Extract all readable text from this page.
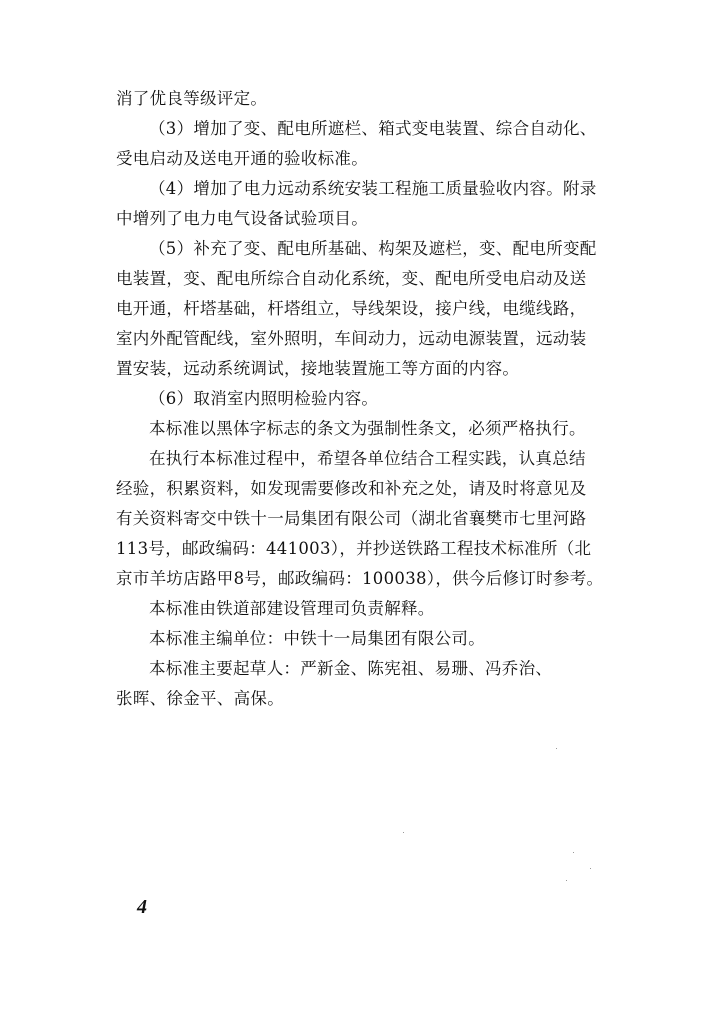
消了优良等级评定。
（3）增加了变、配电所遮栏、箱式变电装置、综合自动化、
受电启动及送电开通的验收标准。
（4）增加了电力远动系统安装工程施工质量验收内容。附录
中增列了电力电气设备试验项目。
（5）补充了变、配电所基础、构架及遮栏，变、配电所变配
电装置，变、配电所综合自动化系统，变、配电所受电启动及送
电开通，杆塔基础，杆塔组立，导线架设，接户线，电缆线路，
室内外配管配线，室外照明，车间动力，远动电源装置，远动装
置安装，远动系统调试，接地装置施工等方面的内容。
（6）取消室内照明检验内容。
本标准以黑体字标志的条文为强制性条文，必须严格执行。
在执行本标准过程中，希望各单位结合工程实践，认真总结
经验，积累资料，如发现需要修改和补充之处，请及时将意见及
有关资料寄交中铁十一局集团有限公司（湖北省襄樊市七里河路
113号，邮政编码：441003），并抄送铁路工程技术标准所（北
京市羊坊店路甲8号，邮政编码：100038），供今后修订时参考。
本标准由铁道部建设管理司负责解释。
本标准主编单位：中铁十一局集团有限公司。
本标准主要起草人：严新金、陈宪祖、易珊、冯乔治、
张晖、徐金平、高保。
4
